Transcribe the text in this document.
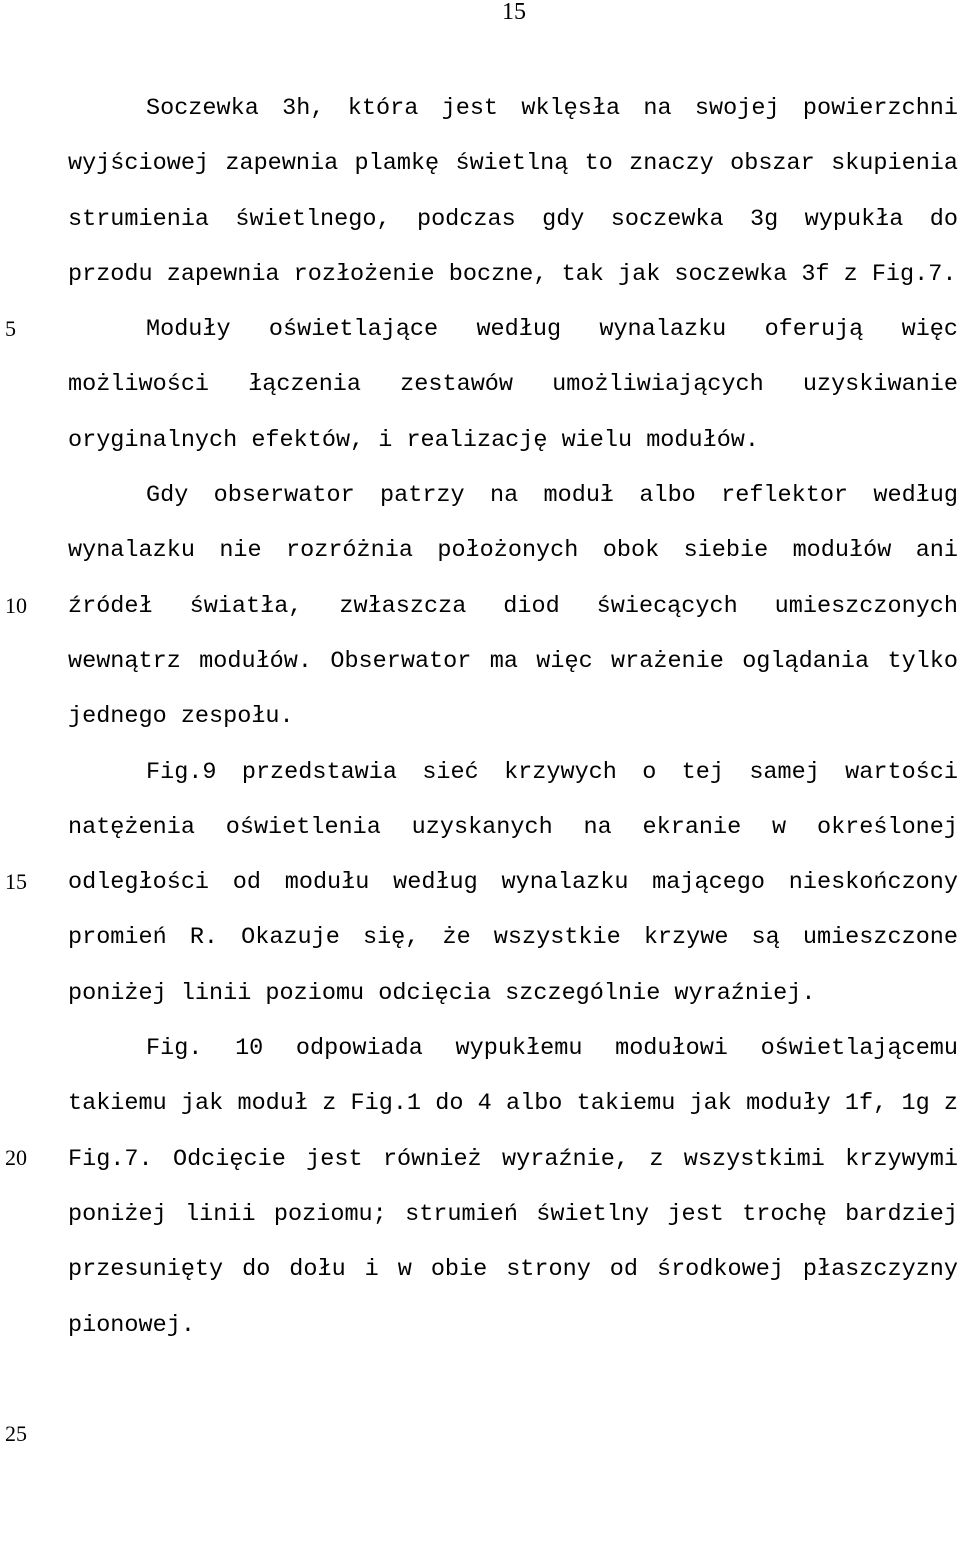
15
5
10
15
20
25

Soczewka 3h, która jest wklęsła na swojej powierzchni wyjściowej zapewnia plamkę świetlną to znaczy obszar skupienia strumienia świetlnego, podczas gdy soczewka 3g wypukła do przodu zapewnia rozłożenie boczne, tak jak soczewka 3f z Fig.7.

Moduły oświetlające według wynalazku oferują więc możliwości łączenia zestawów umożliwiających uzyskiwanie oryginalnych efektów, i realizację wielu modułów.

Gdy obserwator patrzy na moduł albo reflektor według wynalazku nie rozróżnia położonych obok siebie modułów ani źródeł światła, zwłaszcza diod świecących umieszczonych wewnątrz modułów. Obserwator ma więc wrażenie oglądania tylko jednego zespołu.

Fig.9 przedstawia sieć krzywych o tej samej wartości natężenia oświetlenia uzyskanych na ekranie w określonej odległości od modułu według wynalazku mającego nieskończony promień R. Okazuje się, że wszystkie krzywe są umieszczone poniżej linii poziomu odcięcia szczególnie wyraźniej.

Fig. 10 odpowiada wypukłemu modułowi oświetlającemu takiemu jak moduł z Fig.1 do 4 albo takiemu jak moduły 1f, 1g z Fig.7. Odcięcie jest również wyraźnie, z wszystkimi krzywymi poniżej linii poziomu; strumień świetlny jest trochę bardziej przesunięty do dołu i w obie strony od środkowej płaszczyzny pionowej.
